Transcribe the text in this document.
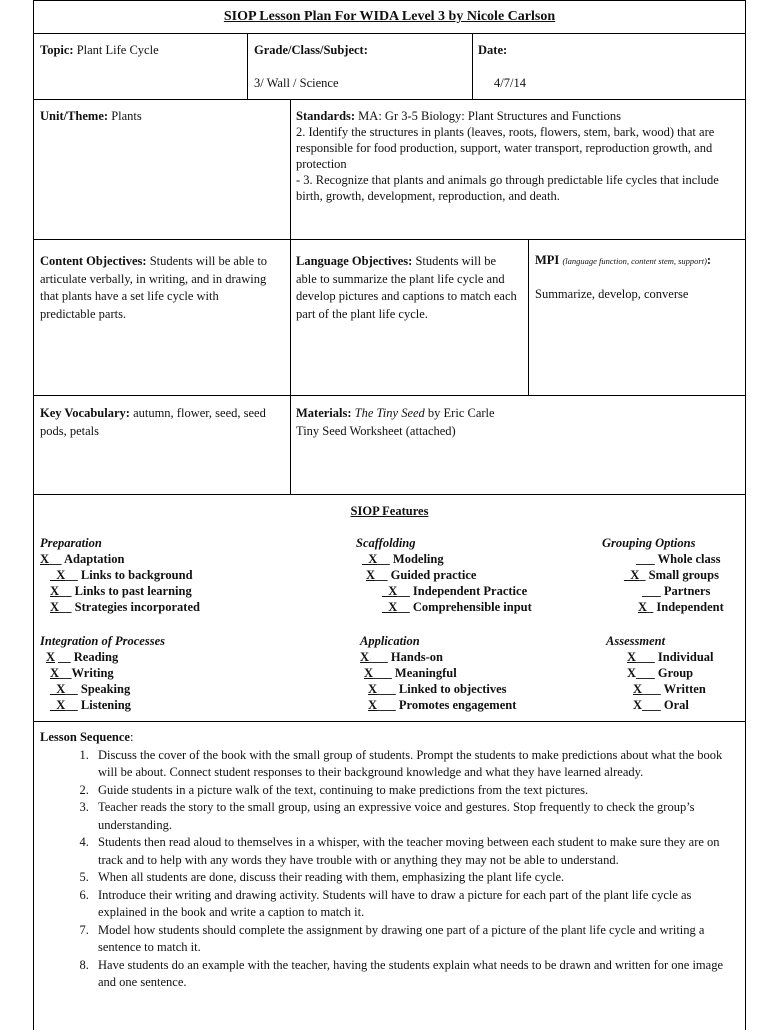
SIOP Lesson Plan For WIDA Level 3 by Nicole Carlson
Topic: Plant Life Cycle	Grade/Class/Subject:
3/ Wall / Science
Date:
4/7/14
Unit/Theme: Plants	Standards: MA: Gr 3-5 Biology: Plant Structures and Functions
2. Identify the structures in plants (leaves, roots, flowers, stem, bark, wood) that are responsible for food production, support, water transport, reproduction growth, and protection
- 3. Recognize that plants and animals go through predictable life cycles that include birth, growth, development, reproduction, and death.
Content Objectives: Students will be able to articulate verbally, in writing, and in drawing that plants have a set life cycle with predictable parts.
Language Objectives: Students will be able to summarize the plant life cycle and develop pictures and captions to match each part of the plant life cycle.
MPI (language function, content stem, support):
Summarize, develop, converse
Key Vocabulary: autumn, flower, seed, seed pods, petals
Materials: The Tiny Seed by Eric Carle
Tiny Seed Worksheet (attached)
SIOP Features
Preparation
X__ Adaptation
_X__ Links to background
X__ Links to past learning
X__ Strategies incorporated
Scaffolding
_X__ Modeling
X__ Guided practice
_X__ Independent Practice
_X__ Comprehensible input
Grouping Options
___ Whole class
_X_ Small groups
___ Partners
X_ Independent
Integration of Processes
X __ Reading
X__Writing
_X__ Speaking
_X__ Listening
Application
X___ Hands-on
X___ Meaningful
X___ Linked to objectives
X___ Promotes engagement
Assessment
X___ Individual
X___ Group
X___ Written
X___ Oral
Lesson Sequence:
1. Discuss the cover of the book with the small group of students. Prompt the students to make predictions about what the book will be about. Connect student responses to their background knowledge and what they have learned already.
2. Guide students in a picture walk of the text, continuing to make predictions from the text pictures.
3. Teacher reads the story to the small group, using an expressive voice and gestures. Stop frequently to check the group’s understanding.
4. Students then read aloud to themselves in a whisper, with the teacher moving between each student to make sure they are on track and to help with any words they have trouble with or anything they may not be able to understand.
5. When all students are done, discuss their reading with them, emphasizing the plant life cycle.
6. Introduce their writing and drawing activity. Students will have to draw a picture for each part of the plant life cycle as explained in the book and write a caption to match it.
7. Model how students should complete the assignment by drawing one part of a picture of the plant life cycle and writing a sentence to match it.
8. Have students do an example with the teacher, having the students explain what needs to be drawn and written for one image and one sentence.
